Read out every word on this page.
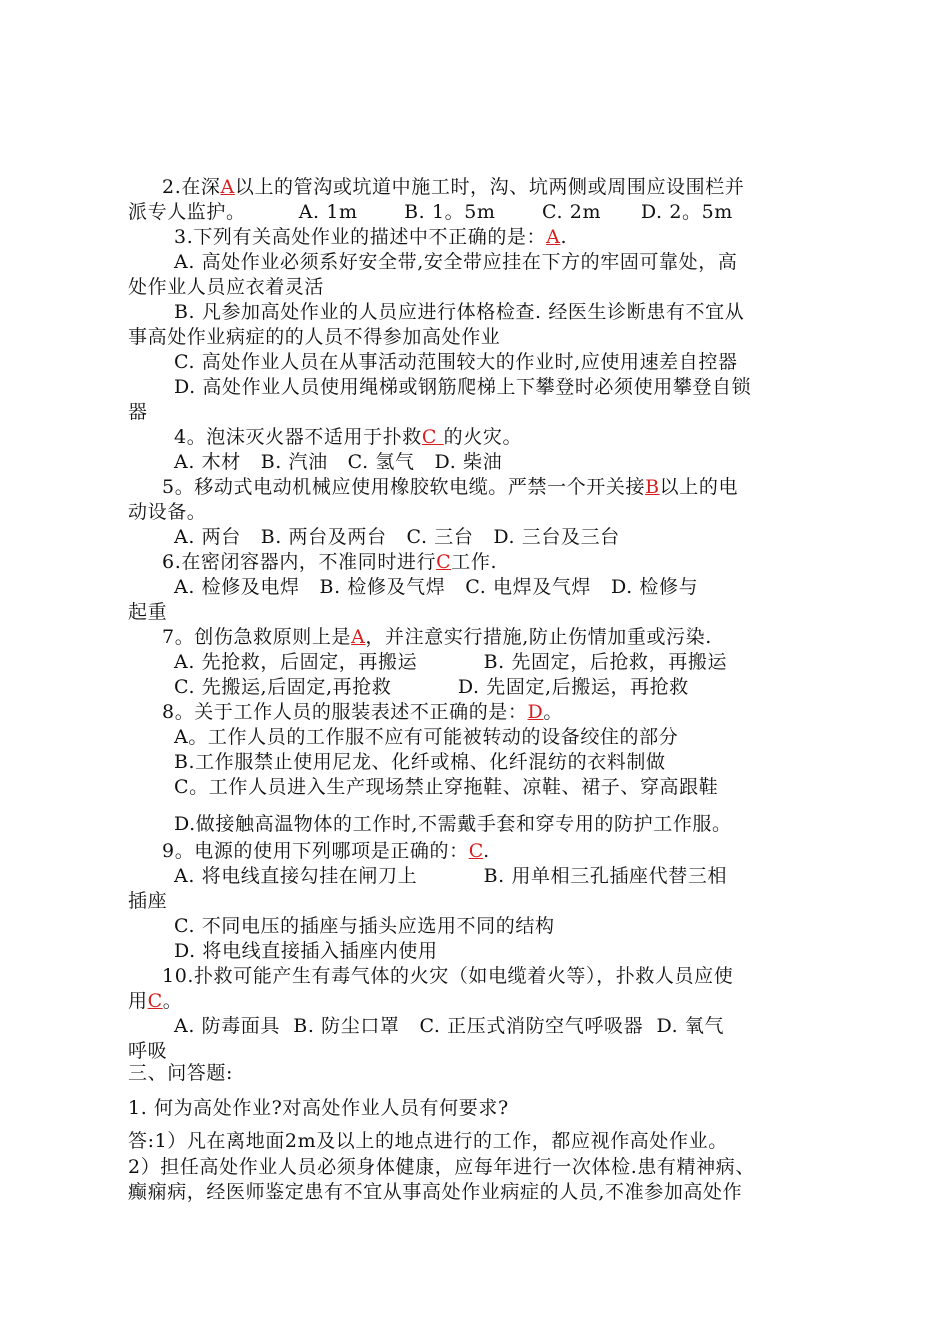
2.在深A以上的管沟或坑道中施工时，沟、坑两侧或周围应设围栏并
派专人监护。        A. 1m       B. 1。5m       C. 2m      D. 2。5m
3.下列有关高处作业的描述中不正确的是：A.
A. 高处作业必须系好安全带,安全带应挂在下方的牢固可靠处，高
处作业人员应衣着灵活
B. 凡参加高处作业的人员应进行体格检查. 经医生诊断患有不宜从
事高处作业病症的的人员不得参加高处作业
C. 高处作业人员在从事活动范围较大的作业时,应使用速差自控器
D. 高处作业人员使用绳梯或钢筋爬梯上下攀登时必须使用攀登自锁
器
4。泡沫灭火器不适用于扑救C 的火灾。
A. 木材   B. 汽油   C. 氢气   D. 柴油
5。移动式电动机械应使用橡胶软电缆。严禁一个开关接B以上的电
动设备。
A. 两台   B. 两台及两台   C. 三台   D. 三台及三台
6.在密闭容器内，不准同时进行C工作.
A. 检修及电焊   B. 检修及气焊   C. 电焊及气焊   D. 检修与
起重
7。创伤急救原则上是A，并注意实行措施,防止伤情加重或污染.
A. 先抢救，后固定，再搬运          B. 先固定，后抢救，再搬运
C. 先搬运,后固定,再抢救          D. 先固定,后搬运，再抢救
8。关于工作人员的服装表述不正确的是：D。
A。工作人员的工作服不应有可能被转动的设备绞住的部分
B.工作服禁止使用尼龙、化纤或棉、化纤混纺的衣料制做
C。工作人员进入生产现场禁止穿拖鞋、凉鞋、裙子、穿高跟鞋
D.做接触高温物体的工作时,不需戴手套和穿专用的防护工作服。
9。电源的使用下列哪项是正确的：C.
A. 将电线直接勾挂在闸刀上          B. 用单相三孔插座代替三相
插座
C. 不同电压的插座与插头应选用不同的结构
D. 将电线直接插入插座内使用
10.扑救可能产生有毒气体的火灾（如电缆着火等），扑救人员应使
用C。
A. 防毒面具  B. 防尘口罩   C. 正压式消防空气呼吸器  D. 氧气
呼吸
三、问答题:
1. 何为高处作业?对高处作业人员有何要求?
答:1）凡在离地面2m及以上的地点进行的工作，都应视作高处作业。
2）担任高处作业人员必须身体健康，应每年进行一次体检.患有精神病、
癫痫病，经医师鉴定患有不宜从事高处作业病症的人员,不准参加高处作
